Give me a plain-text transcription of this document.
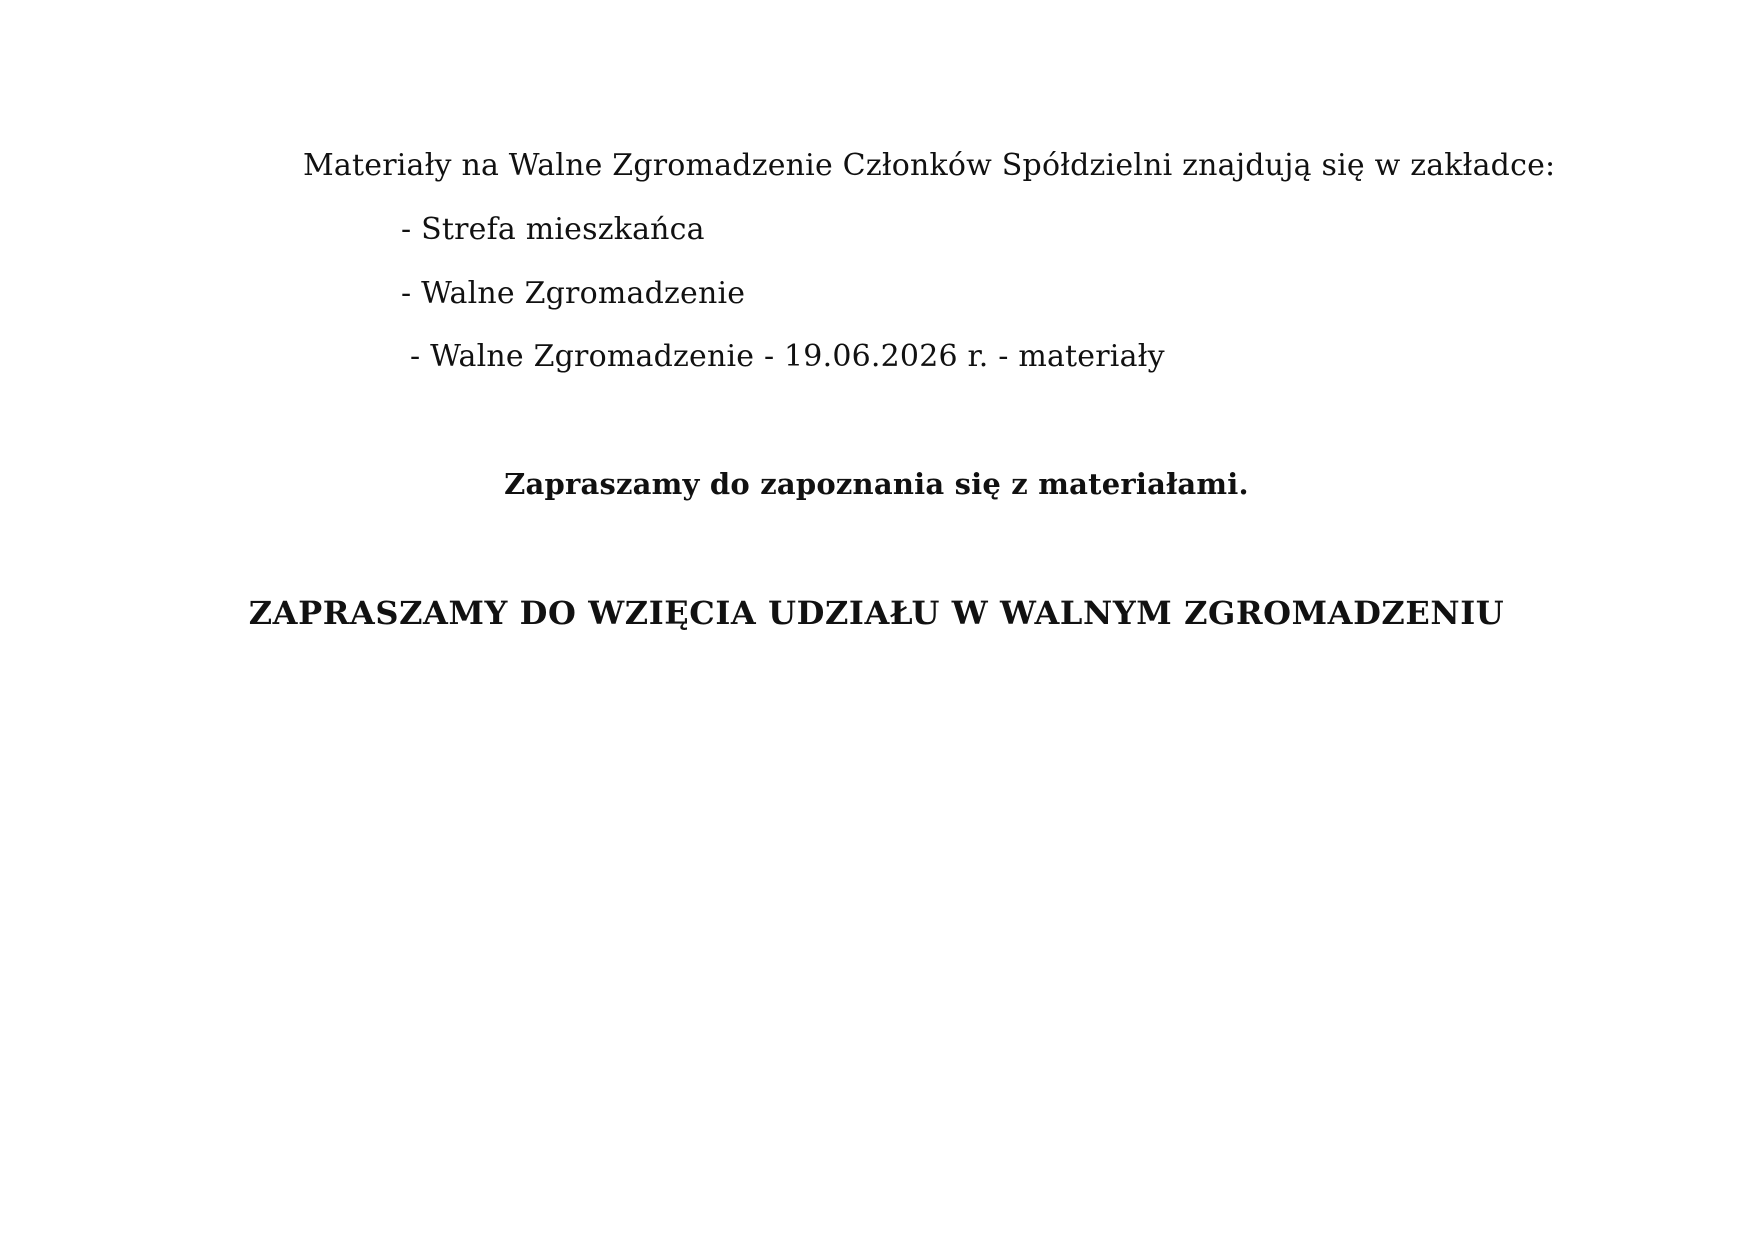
Materiały na Walne Zgromadzenie Członków Spółdzielni znajdują się w zakładce:
- Strefa mieszkańca
- Walne Zgromadzenie
- Walne Zgromadzenie - 19.06.2026 r. - materiały
Zapraszamy do zapoznania się z materiałami.
ZAPRASZAMY DO WZIĘCIA UDZIAŁU W WALNYM ZGROMADZENIU
